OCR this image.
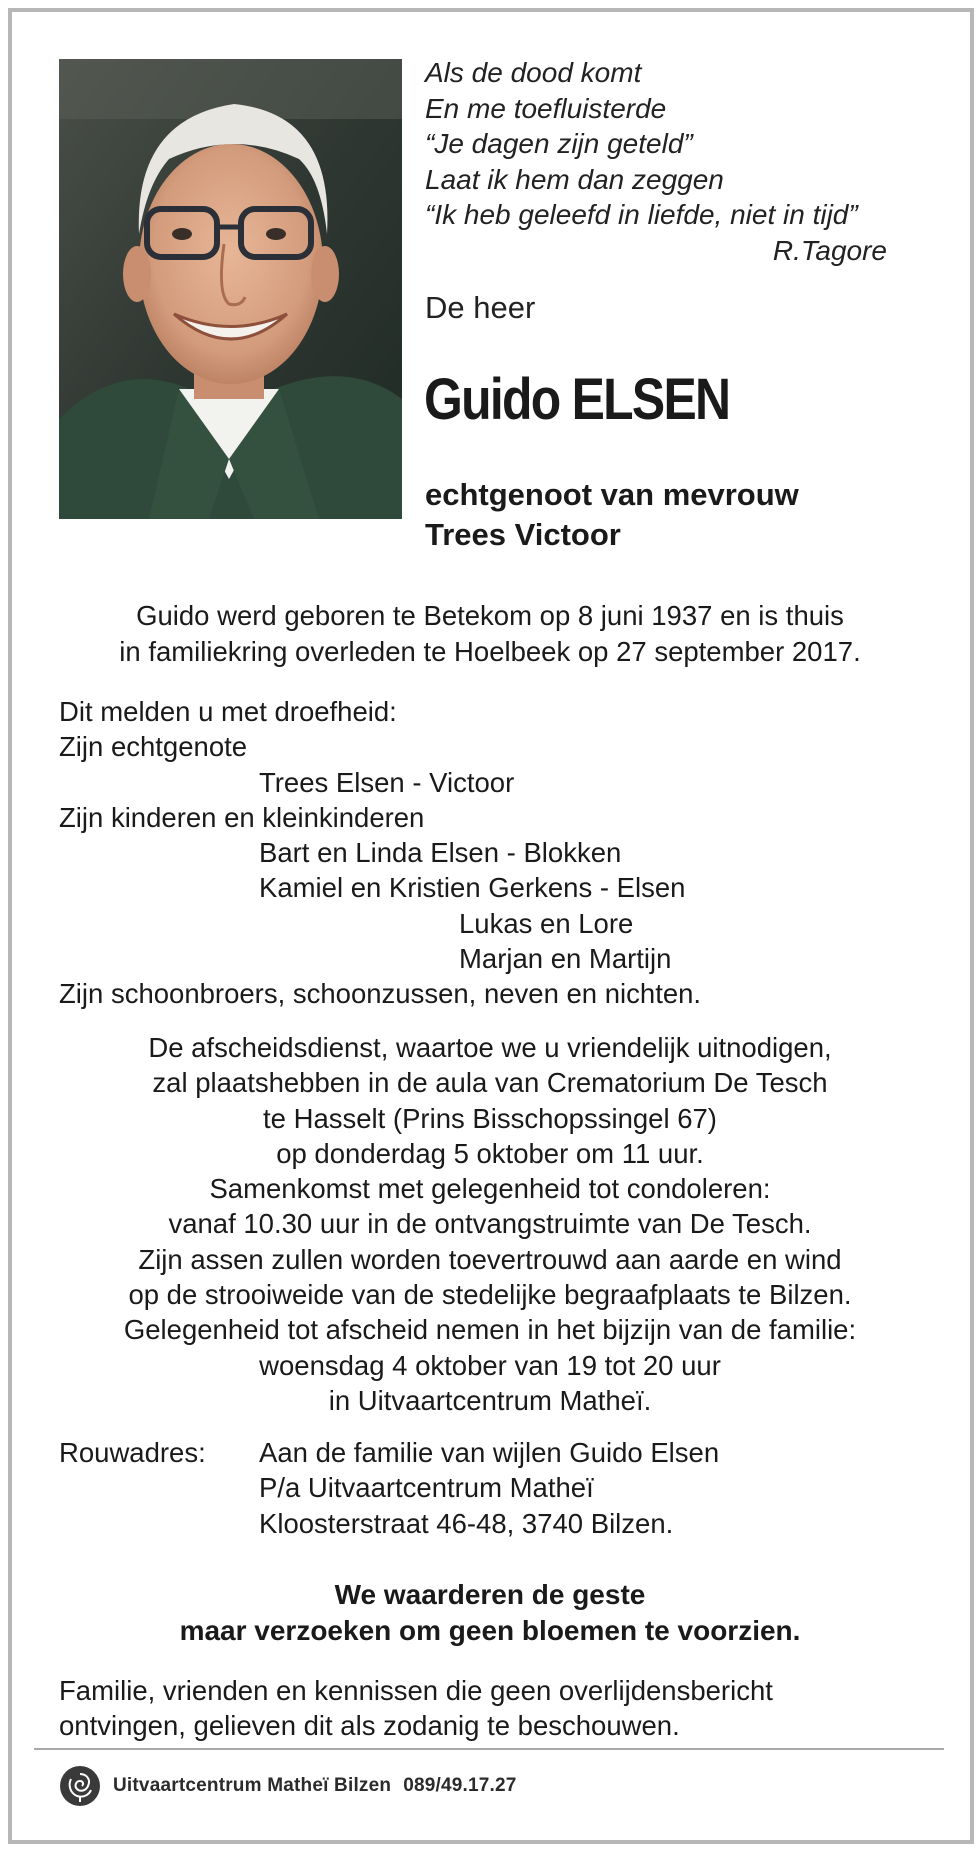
Als de dood komt
En me toefluisterde
“Je dagen zijn geteld”
Laat ik hem dan zeggen
“Ik heb geleefd in liefde, niet in tijd”
R.Tagore
De heer
Guido ELSEN
echtgenoot van mevrouw
Trees Victoor
Guido werd geboren te Betekom op 8 juni 1937 en is thuis
in familiekring overleden te Hoelbeek op 27 september 2017.
Dit melden u met droefheid:
Zijn echtgenote
Trees Elsen - Victoor
Zijn kinderen en kleinkinderen
Bart en Linda Elsen - Blokken
Kamiel en Kristien Gerkens - Elsen
Lukas en Lore
Marjan en Martijn
Zijn schoonbroers, schoonzussen, neven en nichten.
De afscheidsdienst, waartoe we u vriendelijk uitnodigen,
zal plaatshebben in de aula van Crematorium De Tesch
te Hasselt (Prins Bisschopssingel 67)
op donderdag 5 oktober om 11 uur.
Samenkomst met gelegenheid tot condoleren:
vanaf 10.30 uur in de ontvangstruimte van De Tesch.
Zijn assen zullen worden toevertrouwd aan aarde en wind
op de strooiweide van de stedelijke begraafplaats te Bilzen.
Gelegenheid tot afscheid nemen in het bijzijn van de familie:
woensdag 4 oktober van 19 tot 20 uur
in Uitvaartcentrum Matheï.
Rouwadres: Aan de familie van wijlen Guido Elsen
P/a Uitvaartcentrum Matheï
Kloosterstraat 46-48, 3740 Bilzen.
We waarderen de geste
maar verzoeken om geen bloemen te voorzien.
Familie, vrienden en kennissen die geen overlijdensbericht
ontvingen, gelieven dit als zodanig te beschouwen.
Uitvaartcentrum Matheï Bilzen 089/49.17.27
